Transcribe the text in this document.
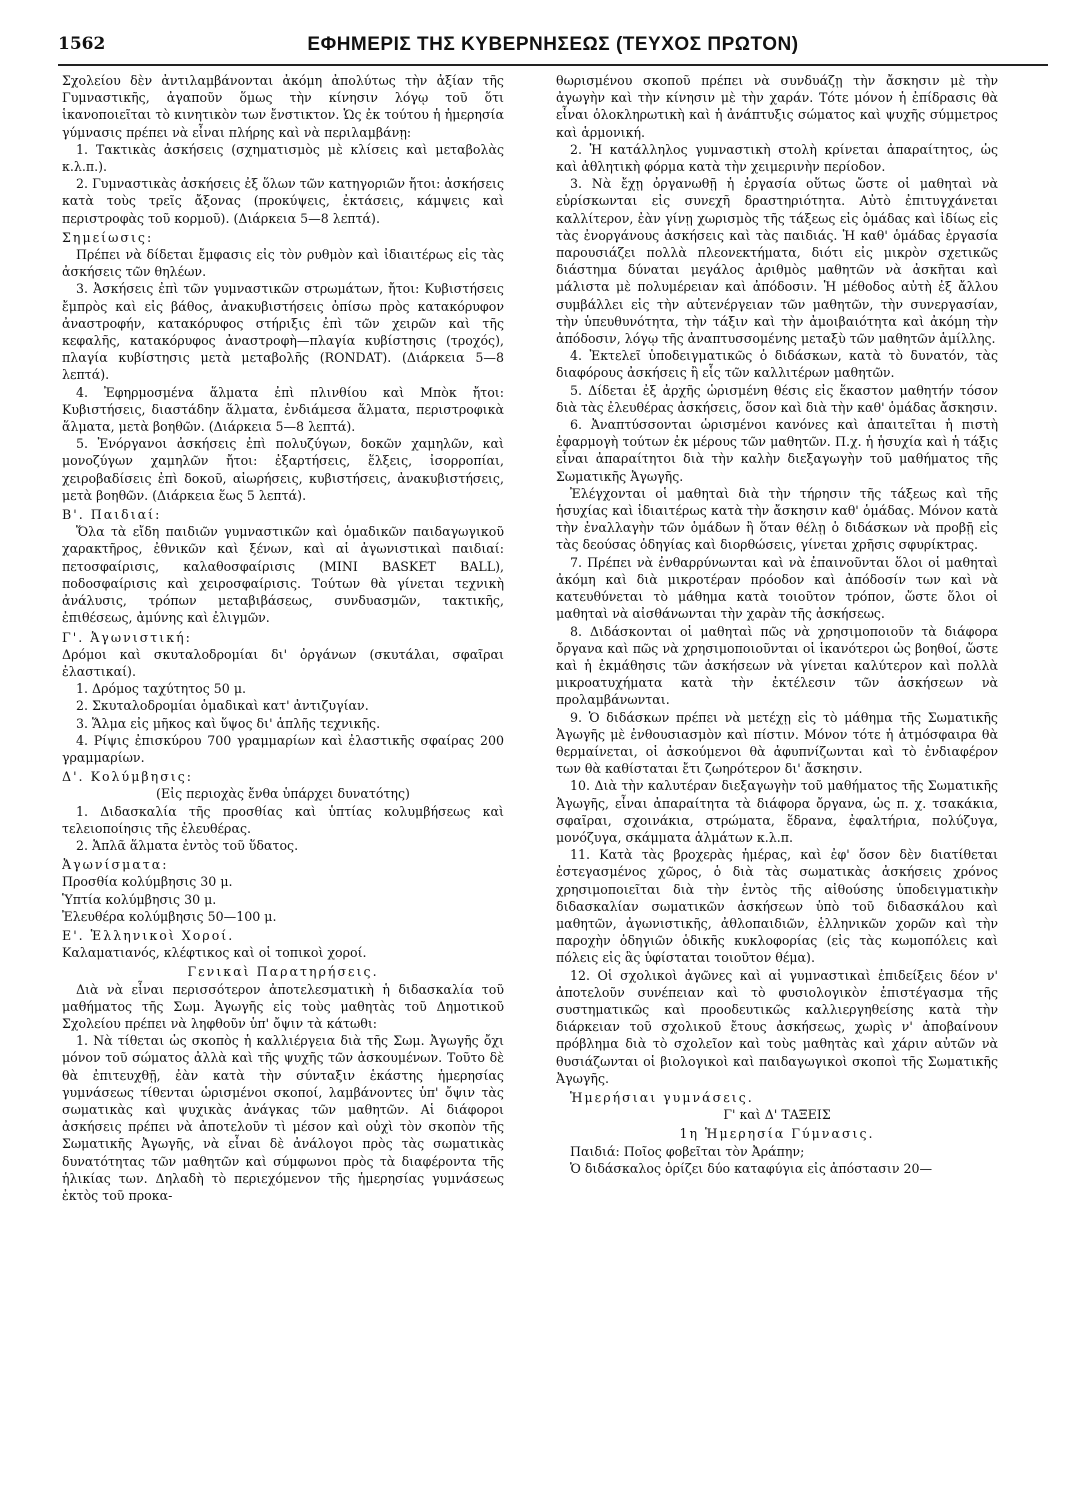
1562	ΕΦΗΜΕΡΙΣ ΤΗΣ ΚΥΒΕΡΝΗΣΕΩΣ (ΤΕΥΧΟΣ ΠΡΩΤΟΝ)

Σχολείου δὲν ἀντιλαμβάνονται ἀκόμη ἀπολύτως τὴν ἀξίαν τῆς Γυμναστικῆς, ἀγαποῦν ὅμως τὴν κίνησιν λόγῳ τοῦ ὅτι ἱκανοποιεῖται τὸ κινητικὸν των ἔνστικτον. Ὡς ἐκ τούτου ἡ ἡμερησία γύμνασις πρέπει νὰ εἶναι πλήρης καὶ νὰ περιλαμβάνῃ:

1. Τακτικὰς ἀσκήσεις (σχηματισμὸς μὲ κλίσεις καὶ μεταβολὰς κ.λ.π.).

2. Γυμναστικὰς ἀσκήσεις ἐξ ὅλων τῶν κατηγοριῶν ἤτοι: ἀσκήσεις κατὰ τοὺς τρεῖς ἄξονας (προκύψεις, ἐκτάσεις, κάμψεις καὶ περιστροφὰς τοῦ κορμοῦ). (Διάρκεια 5—8 λεπτά).

Σημείωσις:

Πρέπει νὰ δίδεται ἔμφασις εἰς τὸν ρυθμὸν καὶ ἰδιαιτέρως εἰς τὰς ἀσκήσεις τῶν θηλέων.

3. Ἀσκήσεις ἐπὶ τῶν γυμναστικῶν στρωμάτων, ἤτοι: Κυβιστήσεις ἔμπρὸς καὶ εἰς βάθος, ἀνακυβιστήσεις ὀπίσω πρὸς κατακόρυφον ἀναστροφήν, κατακόρυφος στήριξις ἐπὶ τῶν χειρῶν καὶ τῆς κεφαλῆς, κατακόρυφος ἀναστροφὴ—πλαγία κυβίστησις (τροχός), πλαγία κυβίστησις μετὰ μεταβολῆς (RONDAT). (Διάρκεια 5—8 λεπτά).

4. Ἐφηρμοσμένα ἅλματα ἐπὶ πλινθίου καὶ Μπὸκ ἤτοι: Κυβιστήσεις, διαστάδην ἅλματα, ἐνδιάμεσα ἅλματα, περιστροφικὰ ἅλματα, μετὰ βοηθῶν. (Διάρκεια 5—8 λεπτά).

5. Ἐνόργανοι ἀσκήσεις ἐπὶ πολυζύγων, δοκῶν χαμηλῶν, καὶ μονοζύγων χαμηλῶν ἤτοι: ἐξαρτήσεις, ἕλξεις, ἰσορροπίαι, χειροβαδίσεις ἐπὶ δοκοῦ, αἰωρήσεις, κυβιστήσεις, ἀνακυβιστήσεις, μετὰ βοηθῶν. (Διάρκεια ἕως 5 λεπτά).

Β'. Παιδιαί:

Ὅλα τὰ εἴδη παιδιῶν γυμναστικῶν καὶ ὁμαδικῶν παιδαγωγικοῦ χαρακτῆρος, ἐθνικῶν καὶ ξένων, καὶ αἱ ἀγωνιστικαὶ παιδιαί: πετοσφαίρισις, καλαθοσφαίρισις (MINI BASKET BALL), ποδοσφαίρισις καὶ χειροσφαίρισις. Τούτων θὰ γίνεται τεχνικὴ ἀνάλυσις, τρόπων μεταβιβάσεως, συνδυασμῶν, τακτικῆς, ἐπιθέσεως, ἀμύνης καὶ ἐλιγμῶν.

Γ'. Ἀγωνιστική:

Δρόμοι καὶ σκυταλοδρομίαι δι' ὀργάνων (σκυτάλαι, σφαῖραι ἐλαστικαί).

1. Δρόμος ταχύτητος 50 μ.

2. Σκυταλοδρομίαι ὁμαδικαὶ κατ' ἀντιζυγίαν.

3. Ἅλμα εἰς μῆκος καὶ ὕψος δι' ἁπλῆς τεχνικῆς.

4. Ρίψις ἐπισκύρου 700 γραμμαρίων καὶ ἐλαστικῆς σφαίρας 200 γραμμαρίων.

Δ'. Κολύμβησις:

(Εἰς περιοχὰς ἔνθα ὑπάρχει δυνατότης)

1. Διδασκαλία τῆς προσθίας καὶ ὑπτίας κολυμβήσεως καὶ τελειοποίησις τῆς ἐλευθέρας.

2. Ἁπλᾶ ἅλματα ἐντὸς τοῦ ὕδατος.

Ἀγωνίσματα:

Προσθία κολύμβησις 30 μ.

Ὑπτία κολύμβησις 30 μ.

Ἐλευθέρα κολύμβησις 50—100 μ.

Ε'. Ἑλληνικοὶ Χοροί.

Καλαματιανός, κλέφτικος καὶ οἱ τοπικοὶ χοροί.

Γενικαὶ Παρατηρήσεις.

Διὰ νὰ εἶναι περισσότερον ἀποτελεσματικὴ ἡ διδασκαλία τοῦ μαθήματος τῆς Σωμ. Ἀγωγῆς εἰς τοὺς μαθητὰς τοῦ Δημοτικοῦ Σχολείου πρέπει νὰ ληφθοῦν ὑπ' ὄψιν τὰ κάτωθι:

1. Νὰ τίθεται ὡς σκοπὸς ἡ καλλιέργεια διὰ τῆς Σωμ. Ἀγωγῆς ὄχι μόνον τοῦ σώματος ἀλλὰ καὶ τῆς ψυχῆς τῶν ἀσκουμένων. Τοῦτο δὲ θὰ ἐπιτευχθῇ, ἐὰν κατὰ τὴν σύνταξιν ἑκάστης ἡμερησίας γυμνάσεως τίθενται ὡρισμένοι σκοποί, λαμβάνοντες ὑπ' ὄψιν τὰς σωματικὰς καὶ ψυχικὰς ἀνάγκας τῶν μαθητῶν. Αἱ διάφοροι ἀσκήσεις πρέπει νὰ ἀποτελοῦν τὶ μέσον καὶ οὐχὶ τὸν σκοπὸν τῆς Σωματικῆς Ἀγωγῆς, νὰ εἶναι δὲ ἀνάλογοι πρὸς τὰς σωματικὰς δυνατότητας τῶν μαθητῶν καὶ σύμφωνοι πρὸς τὰ διαφέροντα τῆς ἡλικίας των. Δηλαδὴ τὸ περιεχόμενον τῆς ἡμερησίας γυμνάσεως ἐκτὸς τοῦ προκα-

θωρισμένου σκοποῦ πρέπει νὰ συνδυάζῃ τὴν ἄσκησιν μὲ τὴν ἀγωγὴν καὶ τὴν κίνησιν μὲ τὴν χαράν. Τότε μόνον ἡ ἐπίδρασις θὰ εἶναι ὁλοκληρωτικὴ καὶ ἡ ἀνάπτυξις σώματος καὶ ψυχῆς σύμμετρος καὶ ἁρμονική.

2. Ἡ κατάλληλος γυμναστικὴ στολὴ κρίνεται ἀπαραίτητος, ὡς καὶ ἀθλητικὴ φόρμα κατὰ τὴν χειμερινὴν περίοδον.

3. Νὰ ἔχῃ ὀργανωθῇ ἡ ἐργασία οὕτως ὥστε οἱ μαθηταὶ νὰ εὑρίσκωνται εἰς συνεχῆ δραστηριότητα. Αὐτὸ ἐπιτυγχάνεται καλλίτερον, ἐὰν γίνῃ χωρισμὸς τῆς τάξεως εἰς ὁμάδας καὶ ἰδίως εἰς τὰς ἐνοργάνους ἀσκήσεις καὶ τὰς παιδιάς. Ἡ καθ' ὁμάδας ἐργασία παρουσιάζει πολλὰ πλεονεκτήματα, διότι εἰς μικρὸν σχετικῶς διάστημα δύναται μεγάλος ἀριθμὸς μαθητῶν νὰ ἀσκῆται καὶ μάλιστα μὲ πολυμέρειαν καὶ ἀπόδοσιν. Ἡ μέθοδος αὐτὴ ἐξ ἄλλου συμβάλλει εἰς τὴν αὐτενέργειαν τῶν μαθητῶν, τὴν συνεργασίαν, τὴν ὑπευθυνότητα, τὴν τάξιν καὶ τὴν ἀμοιβαιότητα καὶ ἀκόμη τὴν ἀπόδοσιν, λόγῳ τῆς ἀναπτυσσομένης μεταξὺ τῶν μαθητῶν ἁμίλλης.

4. Ἐκτελεῖ ὑποδειγματικῶς ὁ διδάσκων, κατὰ τὸ δυνατόν, τὰς διαφόρους ἀσκήσεις ἢ εἷς τῶν καλλιτέρων μαθητῶν.

5. Δίδεται ἐξ ἀρχῆς ὡρισμένη θέσις εἰς ἕκαστον μαθητήν τόσον διὰ τὰς ἐλευθέρας ἀσκήσεις, ὅσον καὶ διὰ τὴν καθ' ὁμάδας ἄσκησιν.

6. Ἀναπτύσσονται ὡρισμένοι κανόνες καὶ ἀπαιτεῖται ἡ πιστὴ ἐφαρμογὴ τούτων ἐκ μέρους τῶν μαθητῶν. Π.χ. ἡ ἡσυχία καὶ ἡ τάξις εἶναι ἀπαραίτητοι διὰ τὴν καλὴν διεξαγωγὴν τοῦ μαθήματος τῆς Σωματικῆς Ἀγωγῆς.

Ἐλέγχονται οἱ μαθηταὶ διὰ τὴν τήρησιν τῆς τάξεως καὶ τῆς ἡσυχίας καὶ ἰδιαιτέρως κατὰ τὴν ἄσκησιν καθ' ὁμάδας. Μόνον κατὰ τὴν ἐναλλαγὴν τῶν ὁμάδων ἢ ὅταν θέλῃ ὁ διδάσκων νὰ προβῇ εἰς τὰς δεούσας ὁδηγίας καὶ διορθώσεις, γίνεται χρῆσις σφυρίκτρας.

7. Πρέπει νὰ ἐνθαρρύνωνται καὶ νὰ ἐπαινοῦνται ὅλοι οἱ μαθηταὶ ἀκόμη καὶ διὰ μικροτέραν πρόοδον καὶ ἀπόδοσίν των καὶ νὰ κατευθύνεται τὸ μάθημα κατὰ τοιοῦτον τρόπον, ὥστε ὅλοι οἱ μαθηταὶ νὰ αἰσθάνωνται τὴν χαρὰν τῆς ἀσκήσεως.

8. Διδάσκονται οἱ μαθηταὶ πῶς νὰ χρησιμοποιοῦν τὰ διάφορα ὄργανα καὶ πῶς νὰ χρησιμοποιοῦνται οἱ ἱκανότεροι ὡς βοηθοί, ὥστε καὶ ἡ ἐκμάθησις τῶν ἀσκήσεων νὰ γίνεται καλύτερον καὶ πολλὰ μικροατυχήματα κατὰ τὴν ἐκτέλεσιν τῶν ἀσκήσεων νὰ προλαμβάνωνται.

9. Ὁ διδάσκων πρέπει νὰ μετέχῃ εἰς τὸ μάθημα τῆς Σωματικῆς Ἀγωγῆς μὲ ἐνθουσιασμὸν καὶ πίστιν. Μόνον τότε ἡ ἀτμόσφαιρα θὰ θερμαίνεται, οἱ ἀσκούμενοι θὰ ἀφυπνίζωνται καὶ τὸ ἐνδιαφέρον των θὰ καθίσταται ἔτι ζωηρότερον δι' ἄσκησιν.

10. Διὰ τὴν καλυτέραν διεξαγωγὴν τοῦ μαθήματος τῆς Σωματικῆς Ἀγωγῆς, εἶναι ἀπαραίτητα τὰ διάφορα ὄργανα, ὡς π. χ. τσακάκια, σφαῖραι, σχοινάκια, στρώματα, ἕδρανα, ἐφαλτήρια, πολύζυγα, μονόζυγα, σκάμματα ἁλμάτων κ.λ.π.

11. Κατὰ τὰς βροχερὰς ἡμέρας, καὶ ἐφ' ὅσον δὲν διατίθεται ἐστεγασμένος χῶρος, ὁ διὰ τὰς σωματικὰς ἀσκήσεις χρόνος χρησιμοποιεῖται διὰ τὴν ἐντὸς τῆς αἰθούσης ὑποδειγματικὴν διδασκαλίαν σωματικῶν ἀσκήσεων ὑπὸ τοῦ διδασκάλου καὶ μαθητῶν, ἀγωνιστικῆς, ἀθλοπαιδιῶν, ἑλληνικῶν χορῶν καὶ τὴν παροχὴν ὁδηγιῶν ὁδικῆς κυκλοφορίας (εἰς τὰς κωμοπόλεις καὶ πόλεις εἰς ἃς ὑφίσταται τοιοῦτον θέμα).

12. Οἱ σχολικοὶ ἀγῶνες καὶ αἱ γυμναστικαὶ ἐπιδείξεις δέον ν' ἀποτελοῦν συνέπειαν καὶ τὸ φυσιολογικὸν ἐπιστέγασμα τῆς συστηματικῶς καὶ προοδευτικῶς καλλιεργηθείσης κατὰ τὴν διάρκειαν τοῦ σχολικοῦ ἔτους ἀσκήσεως, χωρὶς ν' ἀποβαίνουν πρόβλημα διὰ τὸ σχολεῖον καὶ τοὺς μαθητὰς καὶ χάριν αὐτῶν νὰ θυσιάζωνται οἱ βιολογικοὶ καὶ παιδαγωγικοὶ σκοποὶ τῆς Σωματικῆς Ἀγωγῆς.

Ἡμερήσιαι γυμνάσεις.

Γ' καὶ Δ' ΤΑΞΕΙΣ

1η Ἡμερησία Γύμνασις.

Παιδιά: Ποῖος φοβεῖται τὸν Ἀράπην;

Ὁ διδάσκαλος ὁρίζει δύο καταφύγια εἰς ἀπόστασιν 20—
